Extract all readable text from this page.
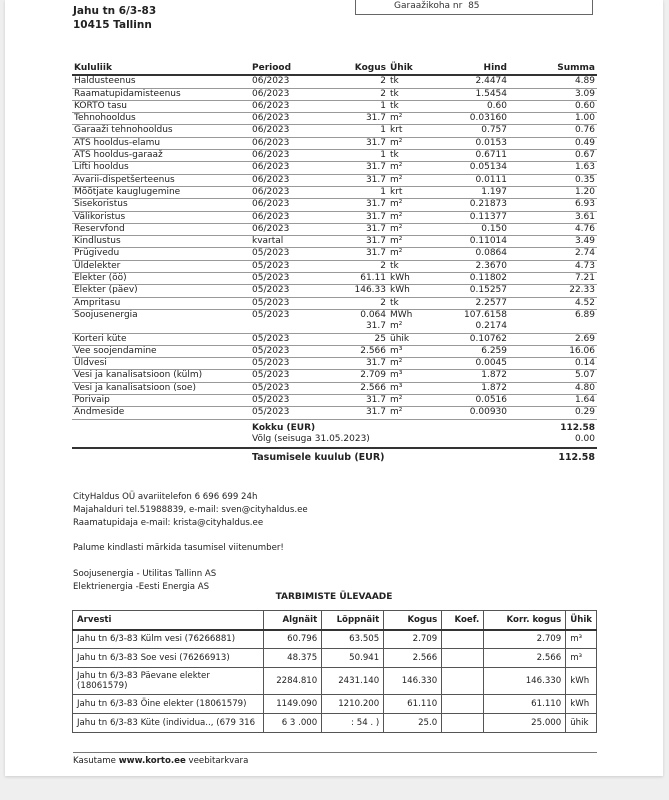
Jahu tn 6/3-83
10415 Tallinn
Garaažikoha nr 85
Kululiik	Periood	Kogus	Ühik	Hind	Summa
Haldusteenus	06/2023	2	tk	2.4474	4.89
Raamatupidamisteenus	06/2023	2	tk	1.5454	3.09
KORTO tasu	06/2023	1	tk	0.60	0.60
Tehnohooldus	06/2023	31.7	m²	0.03160	1.00
Garaaži tehnohooldus	06/2023	1	krt	0.757	0.76
ATS hooldus-elamu	06/2023	31.7	m²	0.0153	0.49
ATS hooldus-garaaž	06/2023	1	tk	0.6711	0.67
Lifti hooldus	06/2023	31.7	m²	0.05134	1.63
Avarii-dispetšerteenus	06/2023	31.7	m²	0.0111	0.35
Mõõtjate kauglugemine	06/2023	1	krt	1.197	1.20
Sisekoristus	06/2023	31.7	m²	0.21873	6.93
Välikoristus	06/2023	31.7	m²	0.11377	3.61
Reservfond	06/2023	31.7	m²	0.150	4.76
Kindlustus	kvartal	31.7	m²	0.11014	3.49
Prügivedu	05/2023	31.7	m²	0.0864	2.74
Üldelekter	05/2023	2	tk	2.3670	4.73
Elekter (öö)	05/2023	61.11	kWh	0.11802	7.21
Elekter (päev)	05/2023	146.33	kWh	0.15257	22.33
Ampritasu	05/2023	2	tk	2.2577	4.52
Soojusenergia	05/2023	0.064	MWh	107.6158	6.89
		31.7	m²	0.2174	
Korteri küte	05/2023	25	ühik	0.10762	2.69
Vee soojendamine	05/2023	2.566	m³	6.259	16.06
Üldvesi	05/2023	31.7	m²	0.0045	0.14
Vesi ja kanalisatsioon (külm)	05/2023	2.709	m³	1.872	5.07
Vesi ja kanalisatsioon (soe)	05/2023	2.566	m³	1.872	4.80
Porivaip	05/2023	31.7	m²	0.0516	1.64
Andmeside	05/2023	31.7	m²	0.00930	0.29
	Kokku (EUR)				112.58
	Võlg (seisuga 31.05.2023)				0.00
	Tasumisele kuulub (EUR)				112.58

CityHaldus OÜ avariitelefon 6 696 699 24h

Majahalduri tel.51988839, e-mail: sven@cityhaldus.ee

Raamatupidaja e-mail: krista@cityhaldus.ee

Palume kindlasti märkida tasumisel viitenumber!

Soojusenergia - Utilitas Tallinn AS

Elektrienergia -Eesti Energia AS

TARBIMISTE ÜLEVAADE
Arvesti	Algnäit	Lõppnäit	Kogus	Koef.	Korr. kogus	Ühik
Jahu tn 6/3-83 Külm vesi (76266881)	60.796	63.505	2.709		2.709	m³
Jahu tn 6/3-83 Soe vesi (76266913)	48.375	50.941	2.566		2.566	m³
Jahu tn 6/3-83 Päevane elekter (18061579)	2284.810	2431.140	146.330		146.330	kWh
Jahu tn 6/3-83 Öine elekter (18061579)	1149.090	1210.200	61.110		61.110	kWh
Jahu tn 6/3-83 Küte (individua.., (679 316	6 3 .000	: 54 . )	25.0		25.000	ühik
Kasutame www.korto.ee veebitarkvara
